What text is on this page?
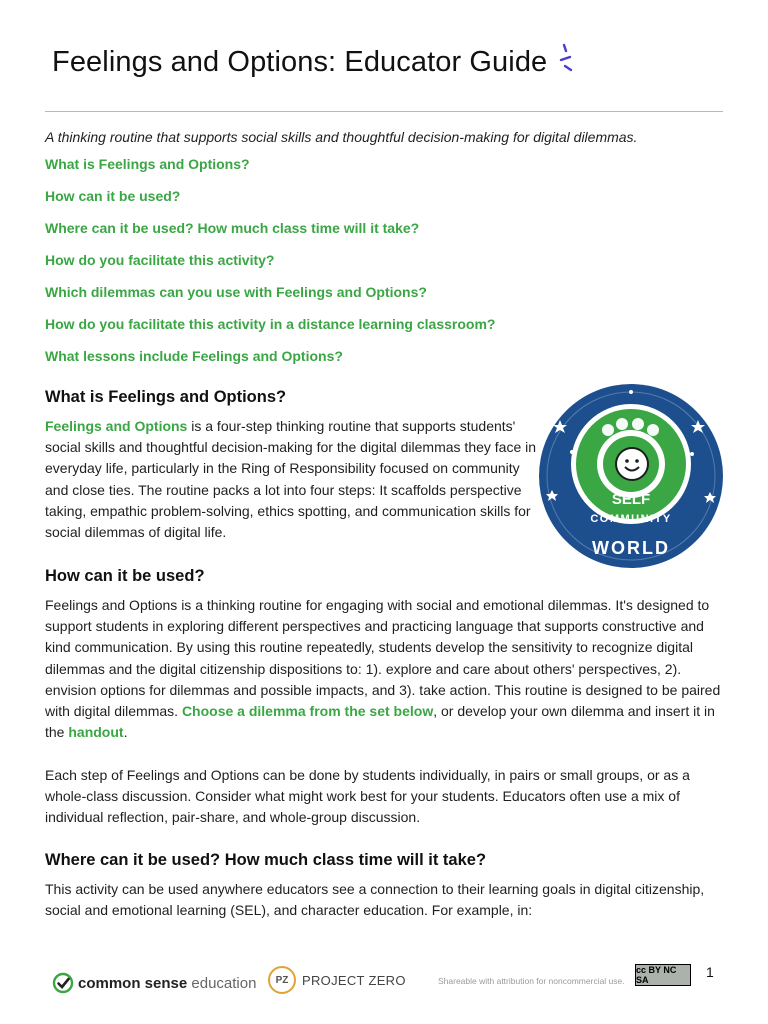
Feelings and Options: Educator Guide

A thinking routine that supports social skills and thoughtful decision-making for digital dilemmas.

What is Feelings and Options?
How can it be used?
Where can it be used? How much class time will it take?
How do you facilitate this activity?
Which dilemmas can you use with Feelings and Options?
How do you facilitate this activity in a distance learning classroom?
What lessons include Feelings and Options?
What is Feelings and Options?

Feelings and Options is a four-step thinking routine that supports students' social skills and thoughtful decision-making for the digital dilemmas they face in everyday life, particularly in the Ring of Responsibility focused on community and close ties. The routine packs a lot into four steps: It scaffolds perspective taking, empathic problem-solving, ethics spotting, and communication skills for social dilemmas of digital life.

SELF
COMMUNITY
WORLD
How can it be used?

Feelings and Options is a thinking routine for engaging with social and emotional dilemmas. It's designed to support students in exploring different perspectives and practicing language that supports constructive and kind communication. By using this routine repeatedly, students develop the sensitivity to recognize digital dilemmas and the digital citizenship dispositions to: 1). explore and care about others' perspectives, 2). envision options for dilemmas and possible impacts, and 3). take action. This routine is designed to be paired with digital dilemmas. Choose a dilemma from the set below, or develop your own dilemma and insert it in the handout.

Each step of Feelings and Options can be done by students individually, in pairs or small groups, or as a whole-class discussion. Consider what might work best for your students. Educators often use a mix of individual reflection, pair-share, and whole-group discussion.

Where can it be used? How much class time will it take?

This activity can be used anywhere educators see a connection to their learning goals in digital citizenship, social and emotional learning (SEL), and character education. For example, in:

common sense education	PZ	PROJECT ZERO	Shareable with attribution for noncommercial use.
cc BY NC SA	1
